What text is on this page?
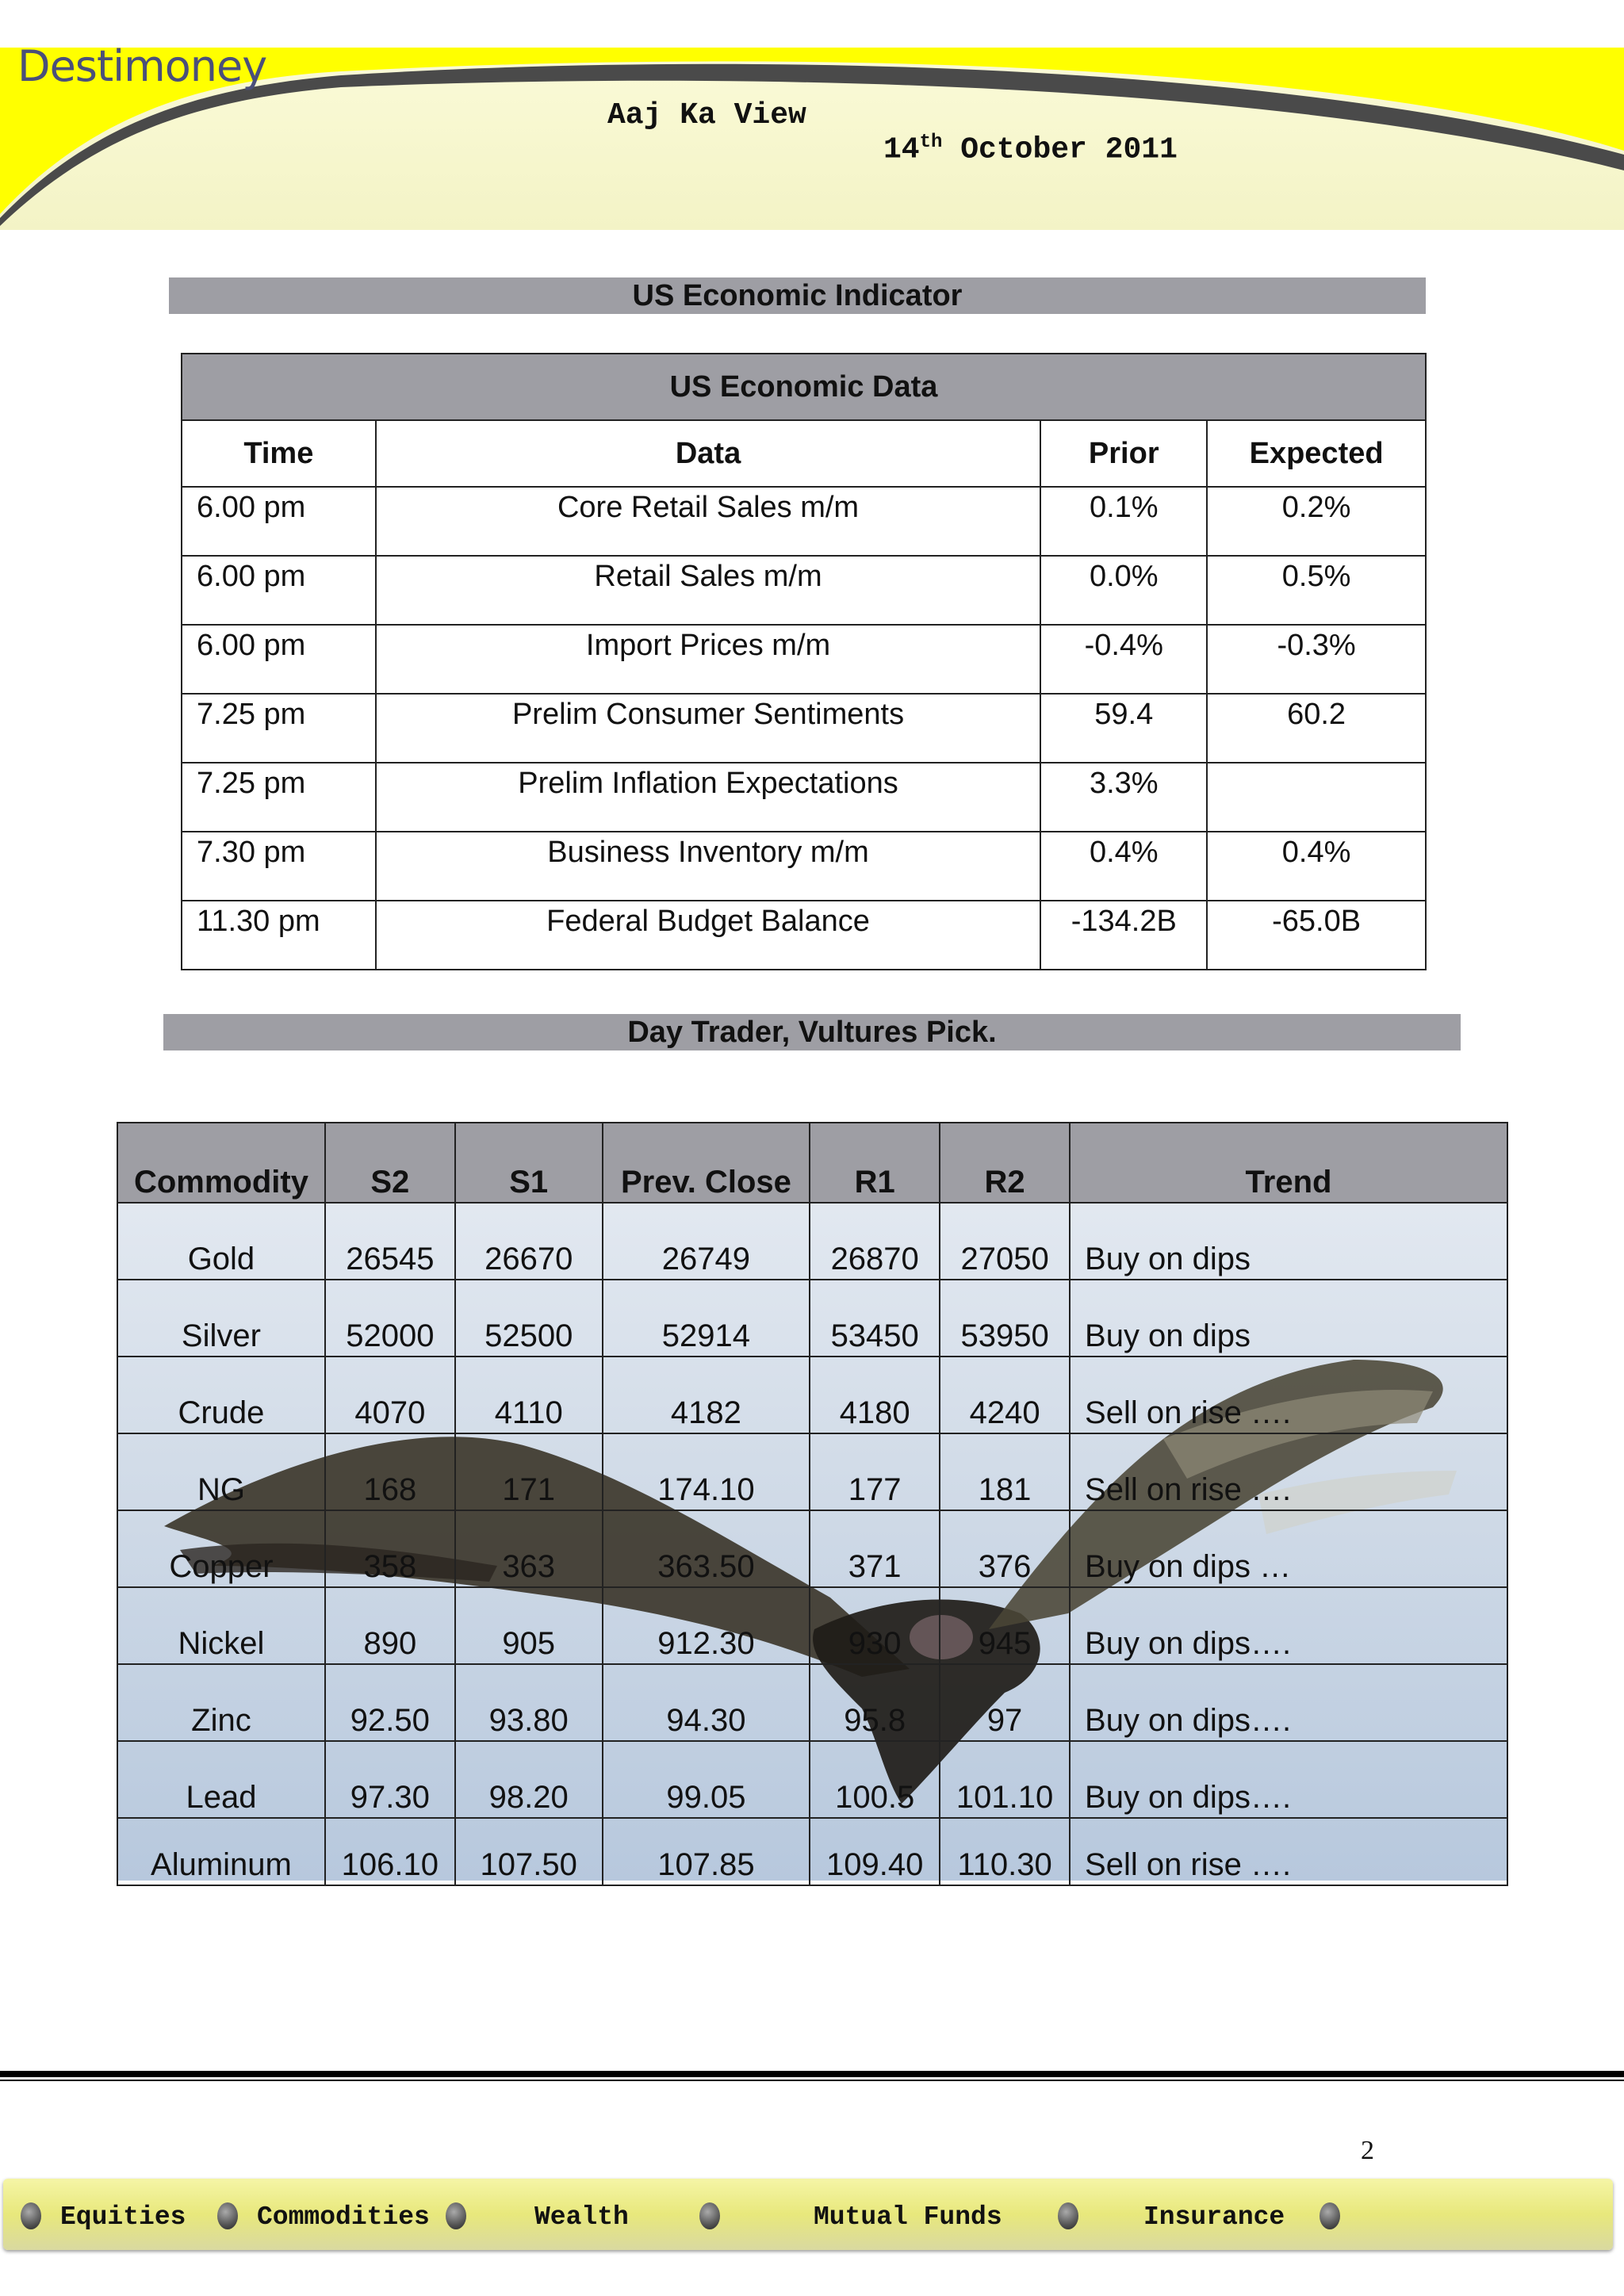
Destimoney
Aaj Ka View
14th October 2011
US Economic Indicator
US Economic Data			
Time	Data	Prior	Expected
6.00 pm	Core Retail Sales m/m	0.1%	0.2%
6.00 pm	Retail Sales m/m	0.0%	0.5%
6.00 pm	Import Prices m/m	-0.4%	-0.3%
7.25 pm	Prelim Consumer Sentiments	59.4	60.2
7.25 pm	Prelim Inflation Expectations	3.3%	
7.30 pm	Business Inventory m/m	0.4%	0.4%
11.30 pm	Federal Budget Balance	-134.2B	-65.0B
Day Trader, Vultures Pick.
Commodity	S2	S1	Prev. Close	R1	R2	Trend
Gold	26545	26670	26749	26870	27050	Buy on dips
Silver	52000	52500	52914	53450	53950	Buy on dips
Crude	4070	4110	4182	4180	4240	Sell on rise ….
NG	168	171	174.10	177	181	Sell on rise ….
Copper	358	363	363.50	371	376	Buy on dips …
Nickel	890	905	912.30	930	945	Buy on dips….
Zinc	92.50	93.80	94.30	95.8	97	Buy on dips….
Lead	97.30	98.20	99.05	100.5	101.10	Buy on dips….
Aluminum	106.10	107.50	107.85	109.40	110.30	Sell on rise ….
2
Equities	Commodities	Wealth	Mutual Funds	Insurance
